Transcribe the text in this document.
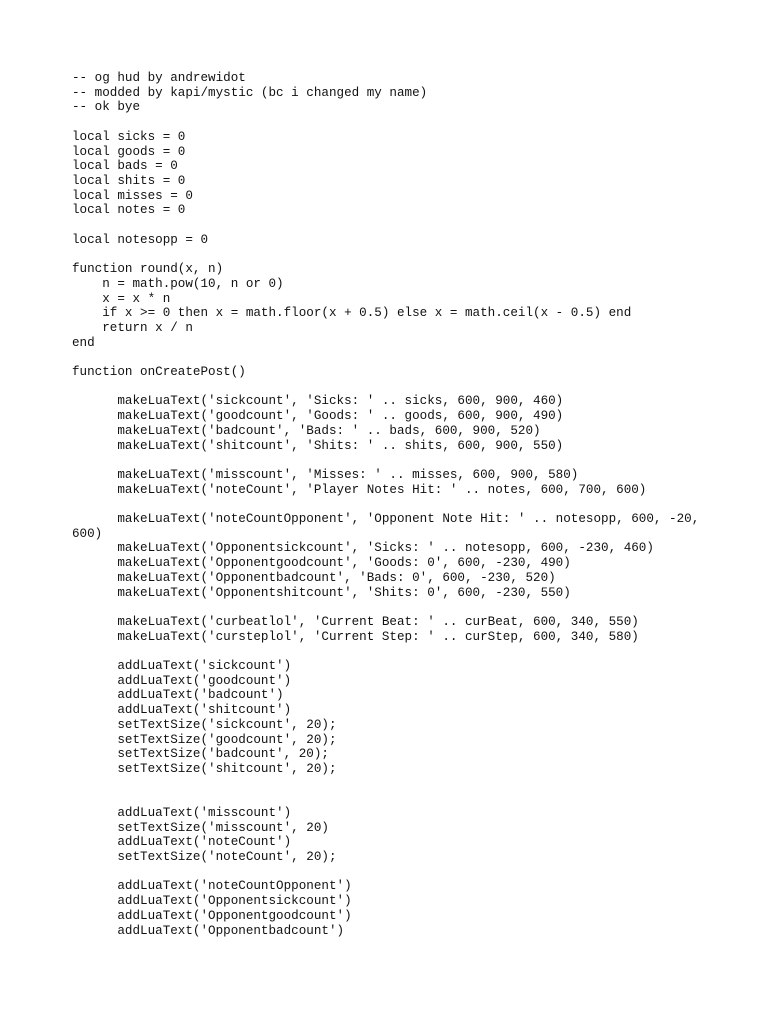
-- og hud by andrewidot
-- modded by kapi/mystic (bc i changed my name)
-- ok bye
local sicks = 0
local goods = 0
local bads = 0
local shits = 0
local misses = 0
local notes = 0
local notesopp = 0
function round(x, n)
n = math.pow(10, n or 0)
x = x * n
if x >= 0 then x = math.floor(x + 0.5) else x = math.ceil(x - 0.5) end
return x / n
end
function onCreatePost()
makeLuaText('sickcount', 'Sicks: ' .. sicks, 600, 900, 460)
makeLuaText('goodcount', 'Goods: ' .. goods, 600, 900, 490)
makeLuaText('badcount', 'Bads: ' .. bads, 600, 900, 520)
makeLuaText('shitcount', 'Shits: ' .. shits, 600, 900, 550)
makeLuaText('misscount', 'Misses: ' .. misses, 600, 900, 580)
makeLuaText('noteCount', 'Player Notes Hit: ' .. notes, 600, 700, 600)
makeLuaText('noteCountOpponent', 'Opponent Note Hit: ' .. notesopp, 600, -20,
600)
makeLuaText('Opponentsickcount', 'Sicks: ' .. notesopp, 600, -230, 460)
makeLuaText('Opponentgoodcount', 'Goods: 0', 600, -230, 490)
makeLuaText('Opponentbadcount', 'Bads: 0', 600, -230, 520)
makeLuaText('Opponentshitcount', 'Shits: 0', 600, -230, 550)
makeLuaText('curbeatlol', 'Current Beat: ' .. curBeat, 600, 340, 550)
makeLuaText('cursteplol', 'Current Step: ' .. curStep, 600, 340, 580)
addLuaText('sickcount')
addLuaText('goodcount')
addLuaText('badcount')
addLuaText('shitcount')
setTextSize('sickcount', 20);
setTextSize('goodcount', 20);
setTextSize('badcount', 20);
setTextSize('shitcount', 20);
addLuaText('misscount')
setTextSize('misscount', 20)
addLuaText('noteCount')
setTextSize('noteCount', 20);
addLuaText('noteCountOpponent')
addLuaText('Opponentsickcount')
addLuaText('Opponentgoodcount')
addLuaText('Opponentbadcount')
